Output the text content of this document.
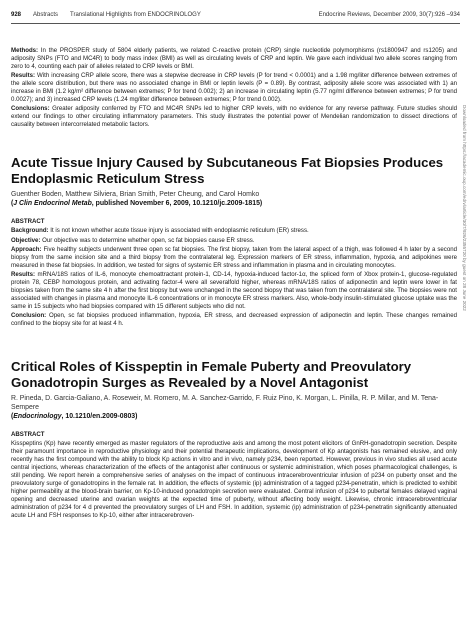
928 Abstracts Translational Highlights from ENDOCRINOLOGY	Endocrine Reviews, December 2009, 30(7):926 –934

Methods: In the PROSPER study of 5804 elderly patients, we related C-reactive protein (CRP) single nucleotide polymorphisms (rs1800947 and rs1205) and adiposity SNPs (FTO and MC4R) to body mass index (BMI) as well as circulating levels of CRP and leptin. We gave each individual two allele scores ranging from zero to 4, counting each pair of alleles related to CRP levels or BMI.

Results: With increasing CRP allele score, there was a stepwise decrease in CRP levels (P for trend < 0.0001) and a 1.98 mg/liter difference between extremes of the allele score distribution, but there was no associated change in BMI or leptin levels (P = 0.89). By contrast, adiposity allele score was associated with 1) an increase in BMI (1.2 kg/m² difference between extremes; P for trend 0.002); 2) an increase in circulating leptin (5.77 ng/ml difference between extremes; P for trend 0.0027); and 3) increased CRP levels (1.24 mg/liter difference between extremes; P for trend 0.002).

Conclusions: Greater adiposity conferred by FTO and MC4R SNPs led to higher CRP levels, with no evidence for any reverse pathway. Future studies should extend our findings to other circulating inflammatory parameters. This study illustrates the potential power of Mendelian randomization to dissect directions of causality between intercorrelated metabolic factors.

Acute Tissue Injury Caused by Subcutaneous Fat Biopsies Produces Endoplasmic Reticulum Stress
Guenther Boden, Matthew Silviera, Brian Smith, Peter Cheung, and Carol Homko
(J Clin Endocrinol Metab, published November 6, 2009, 10.1210/jc.2009-1815)
ABSTRACT

Background: It is not known whether acute tissue injury is associated with endoplasmic reticulum (ER) stress.

Objective: Our objective was to determine whether open, sc fat biopsies cause ER stress.

Approach: Five healthy subjects underwent three open sc fat biopsies. The first biopsy, taken from the lateral aspect of a thigh, was followed 4 h later by a second biopsy from the same incision site and a third biopsy from the contralateral leg. Expression markers of ER stress, inflammation, hypoxia, and adipokines were measured in these fat biopsies. In addition, we tested for signs of systemic ER stress and inflammation in plasma and in circulating monocytes.

Results: mRNA/18S ratios of IL-6, monocyte chemoattractant protein-1, CD-14, hypoxia-induced factor-1α, the spliced form of Xbox protein-1, glucose-regulated protein 78, CEBP homologous protein, and activating factor-4 were all severalfold higher, whereas mRNA/18S ratios of adiponectin and leptin were lower in fat biopsies taken from the same site 4 h after the first biopsy but were unchanged in the second biopsy that was taken from the contralateral site. The biopsies were not associated with changes in plasma and monocyte IL-6 concentrations or in monocyte ER stress markers. Also, whole-body insulin-stimulated glucose uptake was the same in 15 subjects who had biopsies compared with 15 different subjects who did not.

Conclusion: Open, sc fat biopsies produced inflammation, hypoxia, ER stress, and decreased expression of adiponectin and leptin. These changes remained confined to the biopsy site for at least 4 h.

Critical Roles of Kisspeptin in Female Puberty and Preovulatory Gonadotropin Surges as Revealed by a Novel Antagonist
R. Pineda, D. Garcia-Galiano, A. Roseweir, M. Romero, M. A. Sanchez-Garrido, F. Ruiz Pino, K. Morgan, L. Pinilla, R. P. Millar, and M. Tena-Sempere
(Endocrinology, 10.1210/en.2009-0803)
ABSTRACT

Kisspeptins (Kp) have recently emerged as master regulators of the reproductive axis and among the most potent elicitors of GnRH-gonadotropin secretion. Despite their paramount importance in reproductive physiology and their potential therapeutic implications, development of Kp antagonists has remained elusive, and only recently has the first compound with the ability to block Kp actions in vitro and in vivo, namely p234, been reported. However, previous in vivo studies all used acute central injections, whereas characterization of the effects of the antagonist after continuous or systemic administration, which poses pharmacological challenges, is still pending. We report herein a comprehensive series of analyses on the impact of continuous intracerebroventricular infusion of p234 on puberty onset and the preovulatory surge of gonadotropins in the female rat. In addition, the effects of systemic (ip) administration of a tagged p234-penetratin, which is predicted to exhibit higher permeability at the blood-brain barrier, on Kp-10-induced gonadotropin secretion were evaluated. Central infusion of p234 to pubertal females delayed vaginal opening and decreased uterine and ovarian weights at the expected time of puberty, without affecting body weight. Likewise, chronic intracerebroventricular administration of p234 for 4 d prevented the preovulatory surges of LH and FSH. In addition, systemic (ip) administration of p234-penetratin significantly attenuated acute LH and FSH responses to Kp-10, either after intracerebroven-

Downloaded from https://academic.oup.com/edrv/article/30/7/926/2355720 by guest on 28 June 2022
